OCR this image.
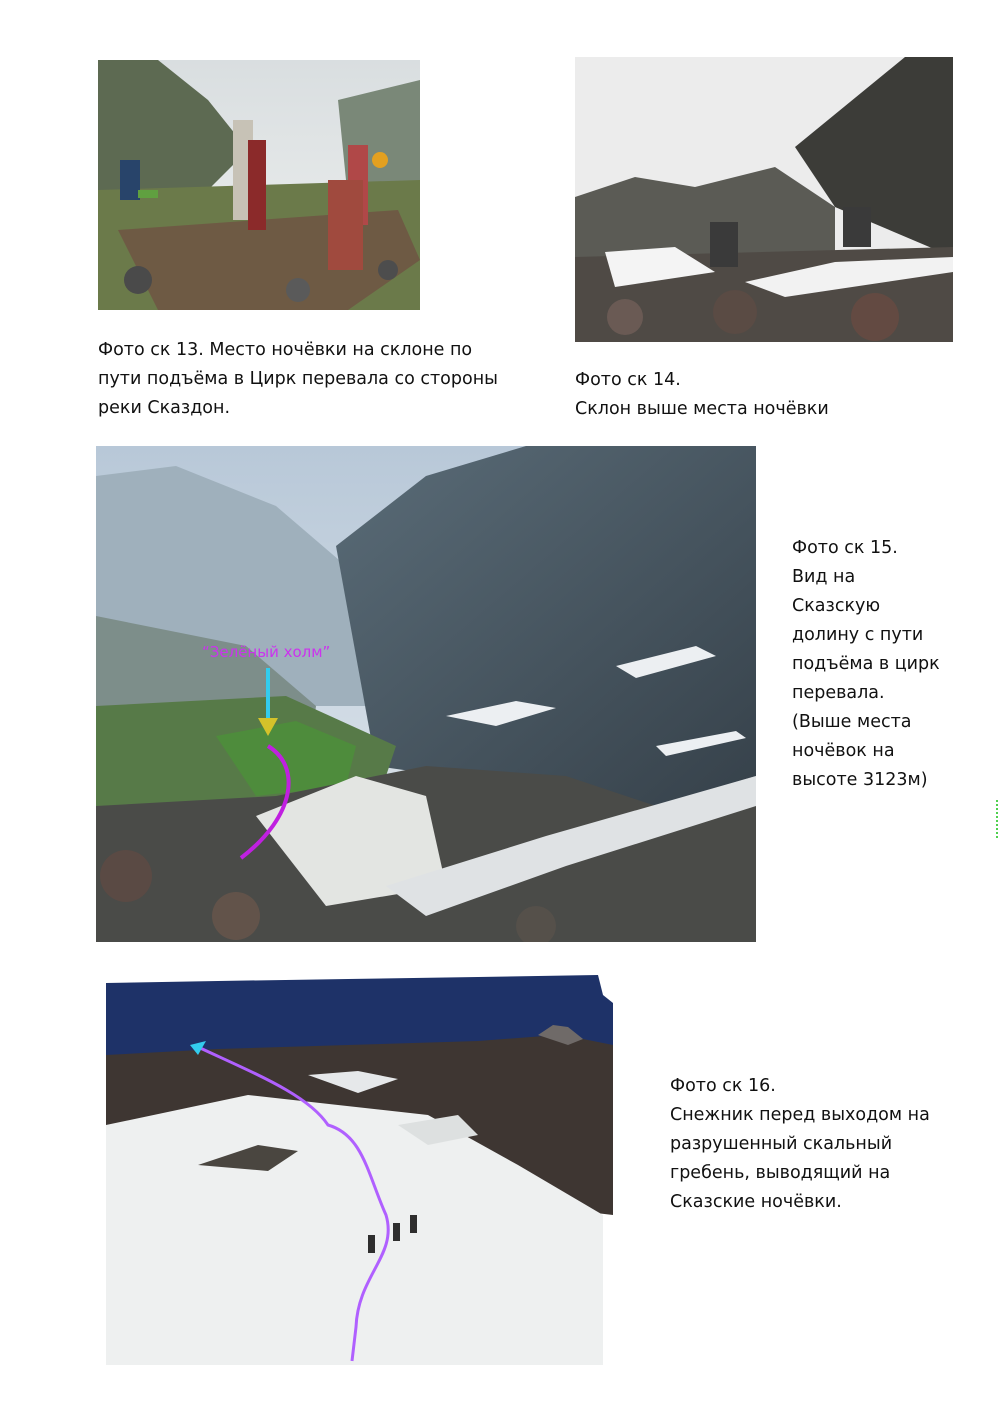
Фото ск 13. Место ночёвки на склоне по
пути подъёма в Цирк перевала со стороны
реки Сказдон.
Фото ск 14.
Склон выше места ночёвки
“Зелёный холм”
Фото ск 15.
Вид на
Сказскую
долину с пути
подъёма в цирк
перевала.
(Выше места
ночёвок на
высоте 3123м)
Фото ск 16.
Снежник перед выходом на
разрушенный скальный
гребень, выводящий на
Сказские ночёвки.
